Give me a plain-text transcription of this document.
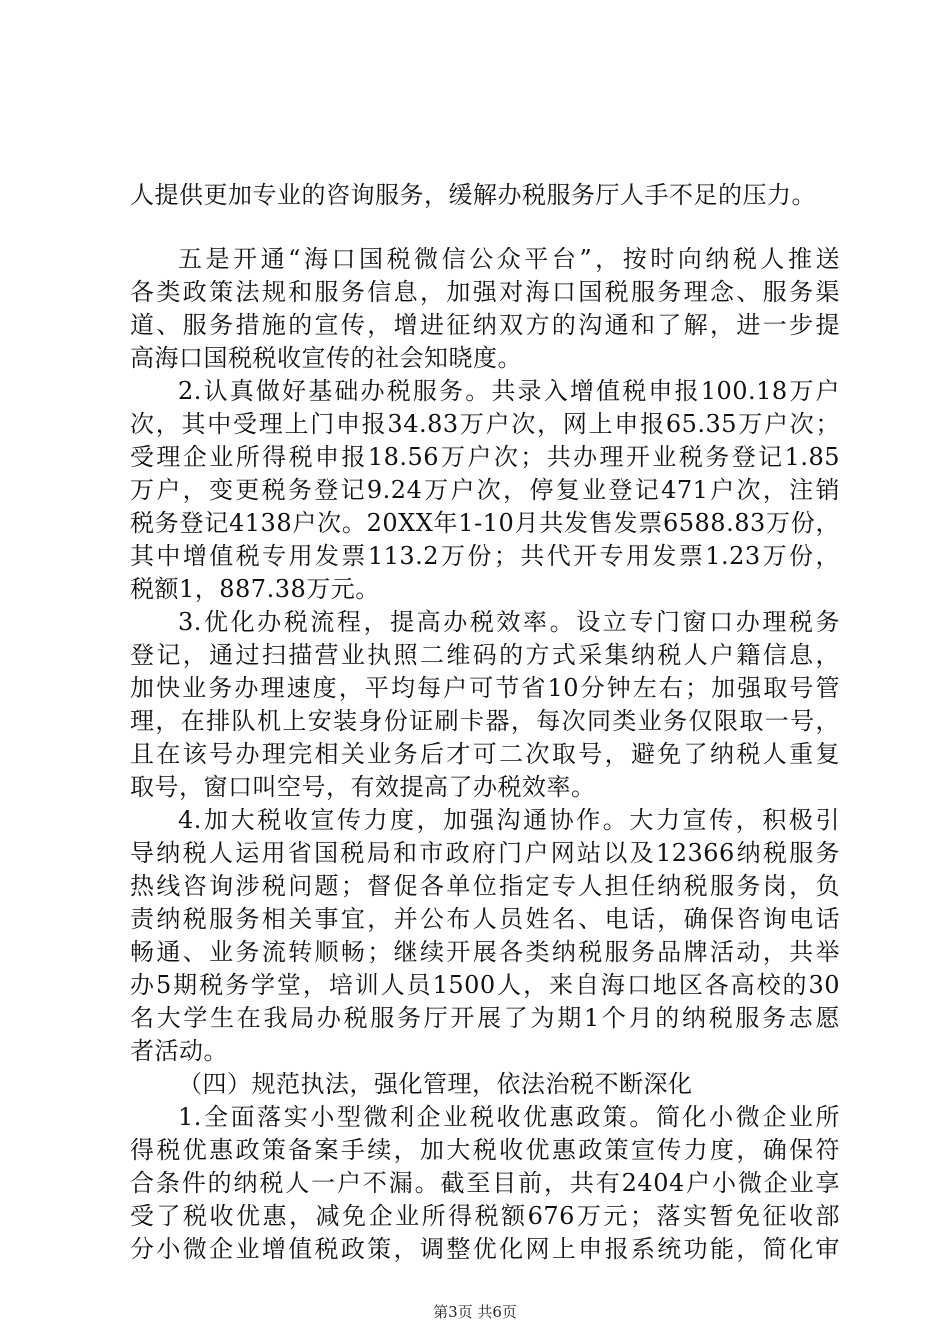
人提供更加专业的咨询服务，缓解办税服务厅人手不足的压力。
五是开通“海口国税微信公众平台”，按时向纳税人推送
各类政策法规和服务信息，加强对海口国税服务理念、服务渠
道、服务措施的宣传，增进征纳双方的沟通和了解，进一步提
高海口国税税收宣传的社会知晓度。
2.认真做好基础办税服务。共录入增值税申报100.18万户
次，其中受理上门申报34.83万户次，网上申报65.35万户次；
受理企业所得税申报18.56万户次；共办理开业税务登记1.85
万户，变更税务登记9.24万户次，停复业登记471户次，注销
税务登记4138户次。20XX年1-10月共发售发票6588.83万份，
其中增值税专用发票113.2万份；共代开专用发票1.23万份，
税额1，887.38万元。
3.优化办税流程，提高办税效率。设立专门窗口办理税务
登记，通过扫描营业执照二维码的方式采集纳税人户籍信息，
加快业务办理速度，平均每户可节省10分钟左右；加强取号管
理，在排队机上安装身份证刷卡器，每次同类业务仅限取一号，
且在该号办理完相关业务后才可二次取号，避免了纳税人重复
取号，窗口叫空号，有效提高了办税效率。
4.加大税收宣传力度，加强沟通协作。大力宣传，积极引
导纳税人运用省国税局和市政府门户网站以及12366纳税服务
热线咨询涉税问题；督促各单位指定专人担任纳税服务岗，负
责纳税服务相关事宜，并公布人员姓名、电话，确保咨询电话
畅通、业务流转顺畅；继续开展各类纳税服务品牌活动，共举
办5期税务学堂，培训人员1500人，来自海口地区各高校的30
名大学生在我局办税服务厅开展了为期1个月的纳税服务志愿
者活动。
（四）规范执法，强化管理，依法治税不断深化
1.全面落实小型微利企业税收优惠政策。简化小微企业所
得税优惠政策备案手续，加大税收优惠政策宣传力度，确保符
合条件的纳税人一户不漏。截至目前，共有2404户小微企业享
受了税收优惠，减免企业所得税额676万元；落实暂免征收部
分小微企业增值税政策，调整优化网上申报系统功能，简化审
第3页 共6页
